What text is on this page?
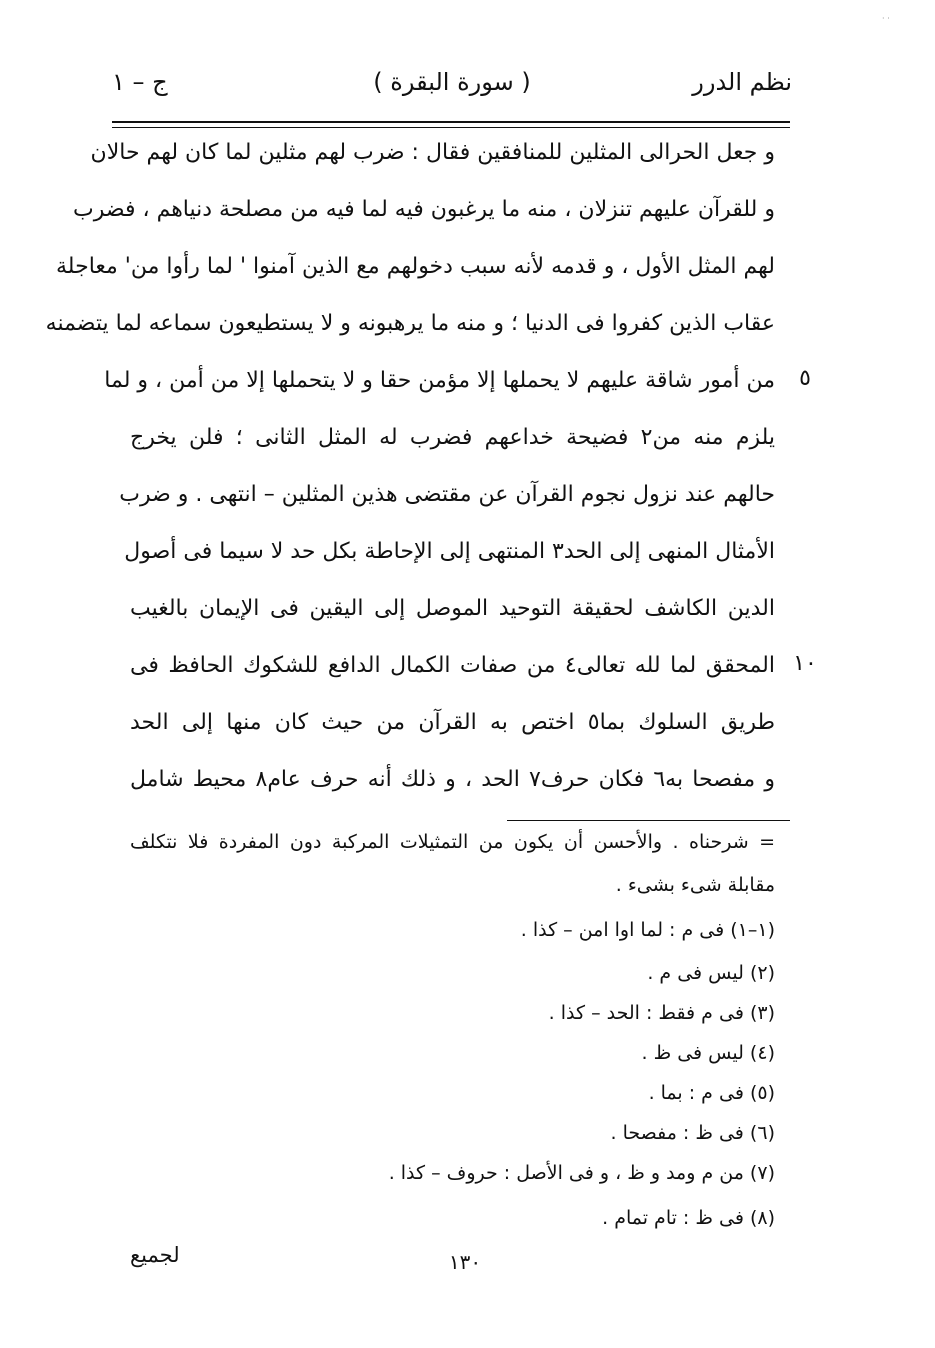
· ·
نظم الدرر
( سورة البقرة )
ج – ١
و جعل الحرالى المثلين للمنافقين فقال : ضرب لهم مثلين لما كان لهم حالان
و للقرآن عليهم تنزلان ، منه ما يرغبون فيه لما فيه من مصلحة دنياهم ، فضرب
لهم المثل الأول ، و قدمه لأنه سبب دخولهم مع الذين آمنوا ' لما رأوا من' معاجلة
عقاب الذين كفروا فى الدنيا ؛ و منه ما يرهبونه و لا يستطيعون سماعه لما يتضمنه
من أمور شاقة عليهم لا يحملها إلا مؤمن حقا و لا يتحملها إلا من أمن ، و لما
يلزم منه من٢ فضيحة خداعهم فضرب له المثل الثانى ؛ فلن يخرج
حالهم عند نزول نجوم القرآن عن مقتضى هذين المثلين – انتهى . و ضرب
الأمثال المنهى إلى الحد٣ المنتهى إلى الإحاطة بكل حد لا سيما فى أصول
الدين الكاشف لحقيقة التوحيد الموصل إلى اليقين فى الإيمان بالغيب
المحقق لما لله تعالى٤ من صفات الكمال الدافع للشكوك الحافظ فى
طريق السلوك بما٥ اختص به القرآن من حيث كان منها إلى الحد
و مفصحا به٦ فكان حرف٧ الحد ، و ذلك أنه حرف عام٨ محيط شامل
٥
١٠
= شرحناه . والأحسن أن يكون من التمثيلات المركبة دون المفردة فلا نتكلف
مقابلة شىء بشىء .
(١–١) فى م : لما اوا امن – كذا .
(٢) ليس فى م .
(٣) فى م فقط : الحد – كذا .
(٤) ليس فى ظ .
(٥) فى م : بما .
(٦) فى ظ : مفصحا .
(٧) من م ومد و ظ ، و فى الأصل : حروف – كذا .
(٨) فى ظ : تام تمام .
١٣٠
لجميع
